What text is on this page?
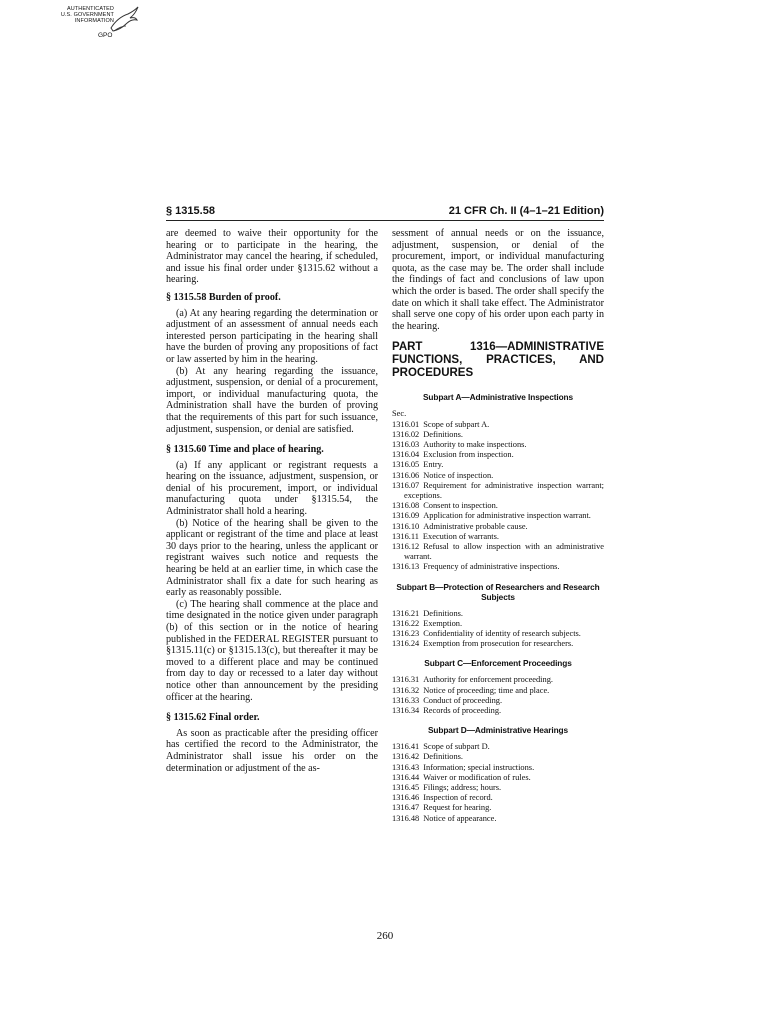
AUTHENTICATED
U.S. GOVERNMENT
INFORMATION
GPO
§ 1315.58	21 CFR Ch. II (4–1–21 Edition)

are deemed to waive their opportunity for the hearing or to participate in the hearing, the Administrator may cancel the hearing, if scheduled, and issue his final order under §1315.62 without a hearing.

§ 1315.58 Burden of proof.

(a) At any hearing regarding the determination or adjustment of an assessment of annual needs each interested person participating in the hearing shall have the burden of proving any propositions of fact or law asserted by him in the hearing.

(b) At any hearing regarding the issuance, adjustment, suspension, or denial of a procurement, import, or individual manufacturing quota, the Administration shall have the burden of proving that the requirements of this part for such issuance, adjustment, suspension, or denial are satisfied.

§ 1315.60 Time and place of hearing.

(a) If any applicant or registrant requests a hearing on the issuance, adjustment, suspension, or denial of his procurement, import, or individual manufacturing quota under §1315.54, the Administrator shall hold a hearing.

(b) Notice of the hearing shall be given to the applicant or registrant of the time and place at least 30 days prior to the hearing, unless the applicant or registrant waives such notice and requests the hearing be held at an earlier time, in which case the Administrator shall fix a date for such hearing as early as reasonably possible.

(c) The hearing shall commence at the place and time designated in the notice given under paragraph (b) of this section or in the notice of hearing published in the FEDERAL REGISTER pursuant to §1315.11(c) or §1315.13(c), but thereafter it may be moved to a different place and may be continued from day to day or recessed to a later day without notice other than announcement by the presiding officer at the hearing.

§ 1315.62 Final order.

As soon as practicable after the presiding officer has certified the record to the Administrator, the Administrator shall issue his order on the determination or adjustment of the as-

sessment of annual needs or on the issuance, adjustment, suspension, or denial of the procurement, import, or individual manufacturing quota, as the case may be. The order shall include the findings of fact and conclusions of law upon which the order is based. The order shall specify the date on which it shall take effect. The Administrator shall serve one copy of his order upon each party in the hearing.

PART 1316—ADMINISTRATIVE FUNCTIONS, PRACTICES, AND PROCEDURES

Subpart A—Administrative Inspections

Sec.
1316.01 Scope of subpart A.
1316.02 Definitions.
1316.03 Authority to make inspections.
1316.04 Exclusion from inspection.
1316.05 Entry.
1316.06 Notice of inspection.
1316.07 Requirement for administrative inspection warrant; exceptions.
1316.08 Consent to inspection.
1316.09 Application for administrative inspection warrant.
1316.10 Administrative probable cause.
1316.11 Execution of warrants.
1316.12 Refusal to allow inspection with an administrative warrant.
1316.13 Frequency of administrative inspections.

Subpart B—Protection of Researchers and Research Subjects

1316.21 Definitions.
1316.22 Exemption.
1316.23 Confidentiality of identity of research subjects.
1316.24 Exemption from prosecution for researchers.

Subpart C—Enforcement Proceedings

1316.31 Authority for enforcement proceeding.
1316.32 Notice of proceeding; time and place.
1316.33 Conduct of proceeding.
1316.34 Records of proceeding.

Subpart D—Administrative Hearings

1316.41 Scope of subpart D.
1316.42 Definitions.
1316.43 Information; special instructions.
1316.44 Waiver or modification of rules.
1316.45 Filings; address; hours.
1316.46 Inspection of record.
1316.47 Request for hearing.
1316.48 Notice of appearance.
260
